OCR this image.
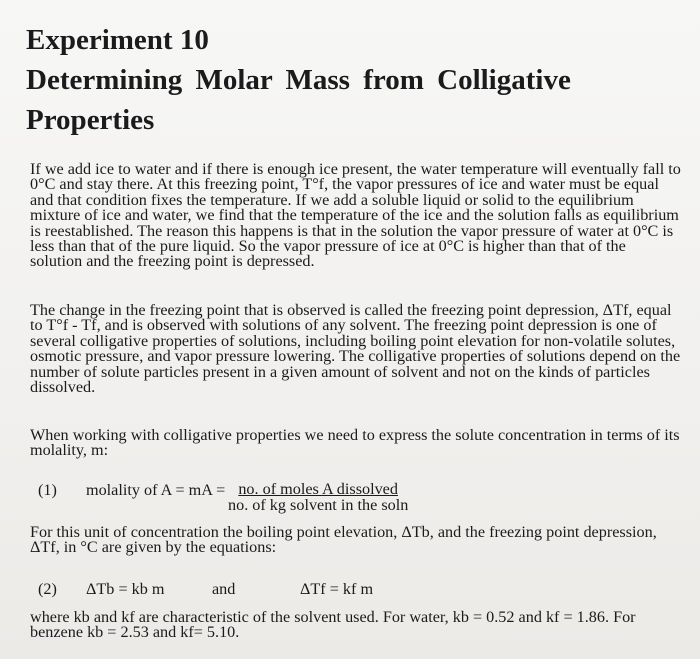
Experiment 10
Determining Molar Mass from Colligative
Properties
If we add ice to water and if there is enough ice present, the water temperature will eventually fall to 0°C and stay there. At this freezing point, T°f, the vapor pressures of ice and water must be equal and that condition fixes the temperature. If we add a soluble liquid or solid to the equilibrium mixture of ice and water, we find that the temperature of the ice and the solution falls as equilibrium is reestablished. The reason this happens is that in the solution the vapor pressure of water at 0°C is less than that of the pure liquid. So the vapor pressure of ice at 0°C is higher than that of the solution and the freezing point is depressed.
The change in the freezing point that is observed is called the freezing point depression, ΔTf, equal to T°f - Tf, and is observed with solutions of any solvent. The freezing point depression is one of several colligative properties of solutions, including boiling point elevation for non-volatile solutes, osmotic pressure, and vapor pressure lowering. The colligative properties of solutions depend on the number of solute particles present in a given amount of solvent and not on the kinds of particles dissolved.
When working with colligative properties we need to express the solute concentration in terms of its molality, m:
(1) molality of A = mA = no. of moles A dissolved
no. of kg solvent in the soln
For this unit of concentration the boiling point elevation, ΔTb, and the freezing point depression, ΔTf, in °C are given by the equations:
(2) ΔTb = kb m	and	ΔTf = kf m
where kb and kf are characteristic of the solvent used. For water, kb = 0.52 and kf = 1.86. For benzene kb = 2.53 and kf= 5.10.
